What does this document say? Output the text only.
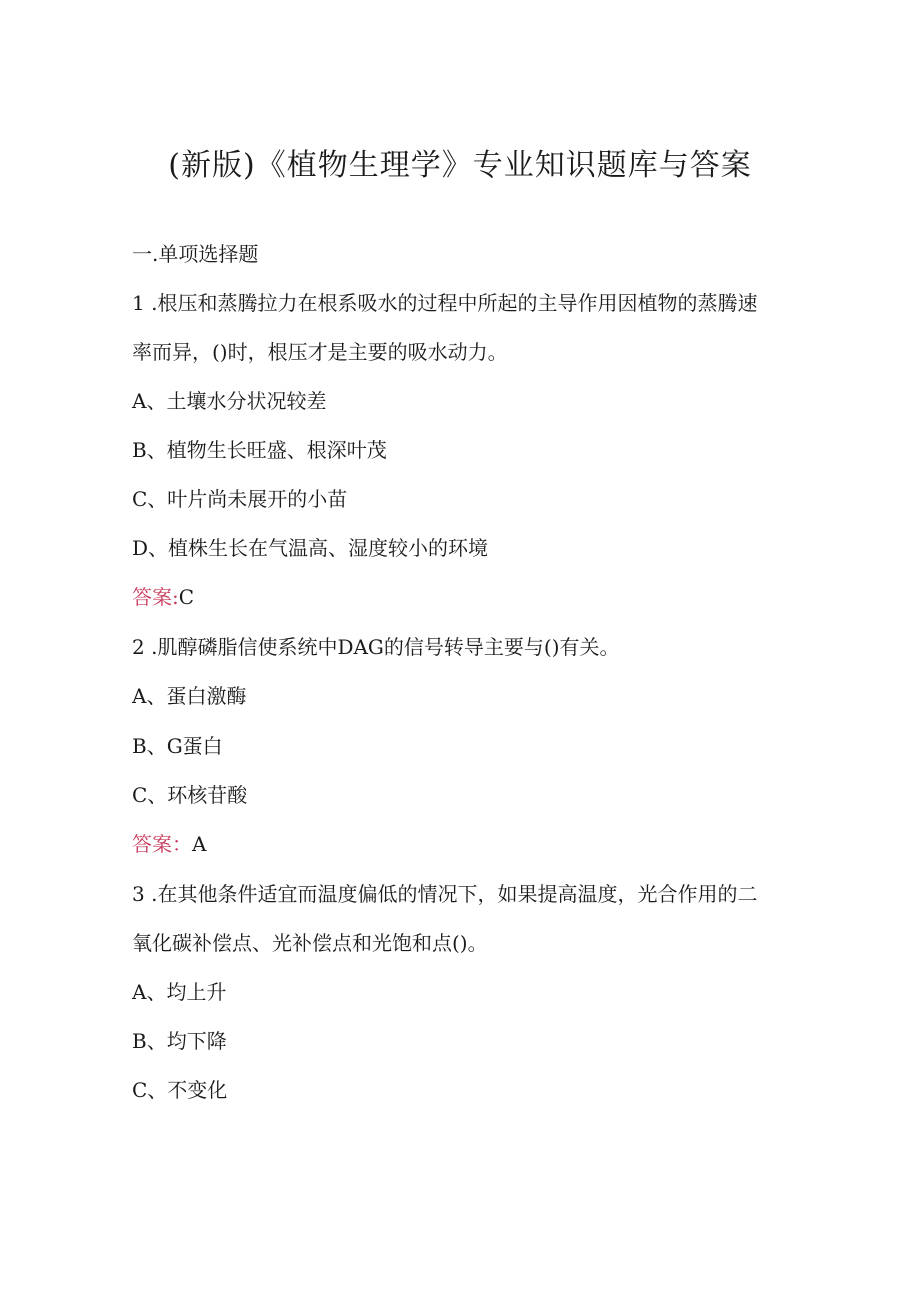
(新版)《植物生理学》专业知识题库与答案
一.单项选择题
1 .根压和蒸腾拉力在根系吸水的过程中所起的主导作用因植物的蒸腾速
率而异，()时，根压才是主要的吸水动力。
A、土壤水分状况较差
B、植物生长旺盛、根深叶茂
C、叶片尚未展开的小苗
D、植株生长在气温高、湿度较小的环境
答案:C
2 .肌醇磷脂信使系统中DAG的信号转导主要与()有关。
A、蛋白激酶
B、G蛋白
C、环核苷酸
答案：A
3 .在其他条件适宜而温度偏低的情况下，如果提高温度，光合作用的二
氧化碳补偿点、光补偿点和光饱和点()。
A、均上升
B、均下降
C、不变化
